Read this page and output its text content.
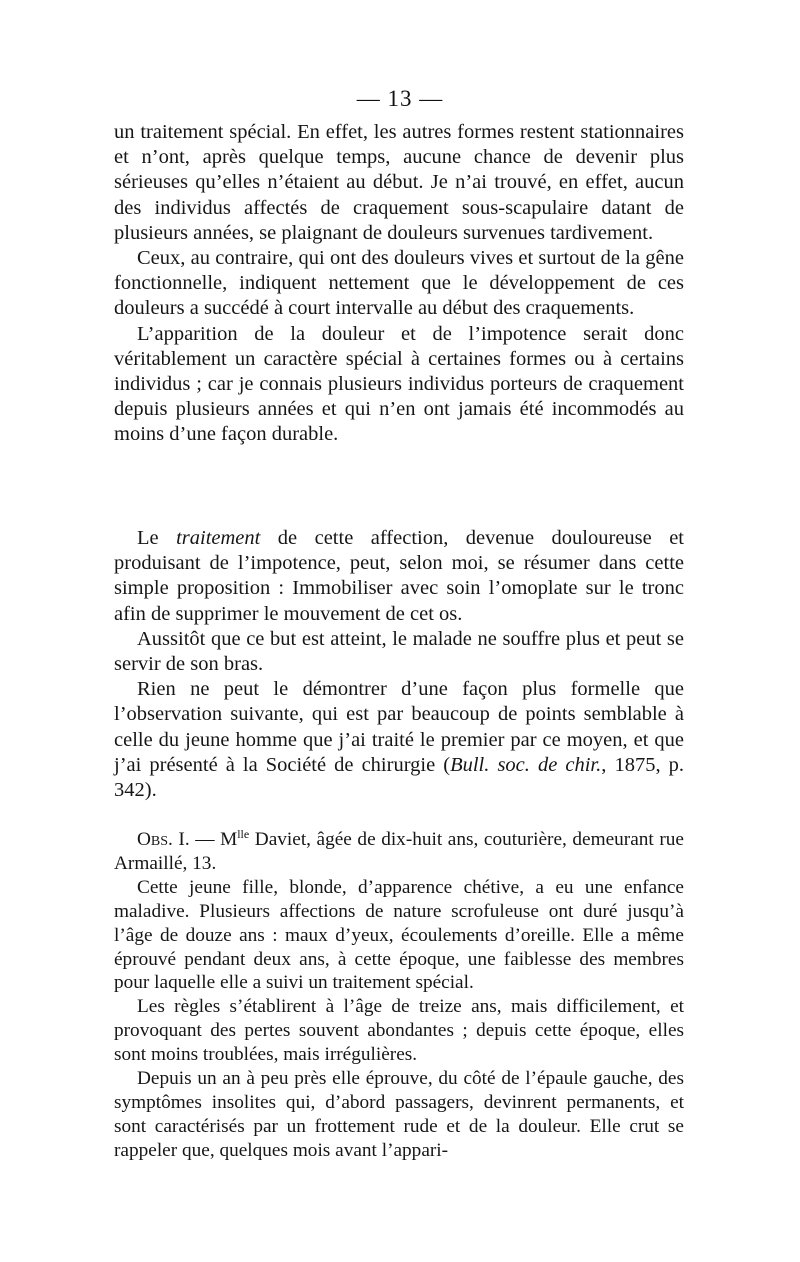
— 13 —

un traitement spécial. En effet, les autres formes restent stationnaires et n’ont, après quelque temps, aucune chance de devenir plus sérieuses qu’elles n’étaient au début. Je n’ai trouvé, en effet, aucun des individus affectés de craquement sous-scapulaire datant de plusieurs années, se plaignant de douleurs survenues tardivement.

Ceux, au contraire, qui ont des douleurs vives et surtout de la gêne fonctionnelle, indiquent nettement que le développement de ces douleurs a succédé à court intervalle au début des craquements.

L’apparition de la douleur et de l’impotence serait donc véritablement un caractère spécial à certaines formes ou à certains individus ; car je connais plusieurs individus porteurs de craquement depuis plusieurs années et qui n’en ont jamais été incommodés au moins d’une façon durable.

Le traitement de cette affection, devenue douloureuse et produisant de l’impotence, peut, selon moi, se résumer dans cette simple proposition : Immobiliser avec soin l’omoplate sur le tronc afin de supprimer le mouvement de cet os.

Aussitôt que ce but est atteint, le malade ne souffre plus et peut se servir de son bras.

Rien ne peut le démontrer d’une façon plus formelle que l’observation suivante, qui est par beaucoup de points semblable à celle du jeune homme que j’ai traité le premier par ce moyen, et que j’ai présenté à la Société de chirurgie (Bull. soc. de chir., 1875, p. 342).

Obs. I. — $M^{lle}$ Daviet, âgée de dix-huit ans, couturière, demeurant rue Armaillé, 13.

Cette jeune fille, blonde, d’apparence chétive, a eu une enfance maladive. Plusieurs affections de nature scrofuleuse ont duré jusqu’à l’âge de douze ans : maux d’yeux, écoulements d’oreille. Elle a même éprouvé pendant deux ans, à cette époque, une faiblesse des membres pour laquelle elle a suivi un traitement spécial.

Les règles s’établirent à l’âge de treize ans, mais difficilement, et provoquant des pertes souvent abondantes ; depuis cette époque, elles sont moins troublées, mais irrégulières.

Depuis un an à peu près elle éprouve, du côté de l’épaule gauche, des symptômes insolites qui, d’abord passagers, devinrent permanents, et sont caractérisés par un frottement rude et de la douleur. Elle crut se rappeler que, quelques mois avant l’appari-
